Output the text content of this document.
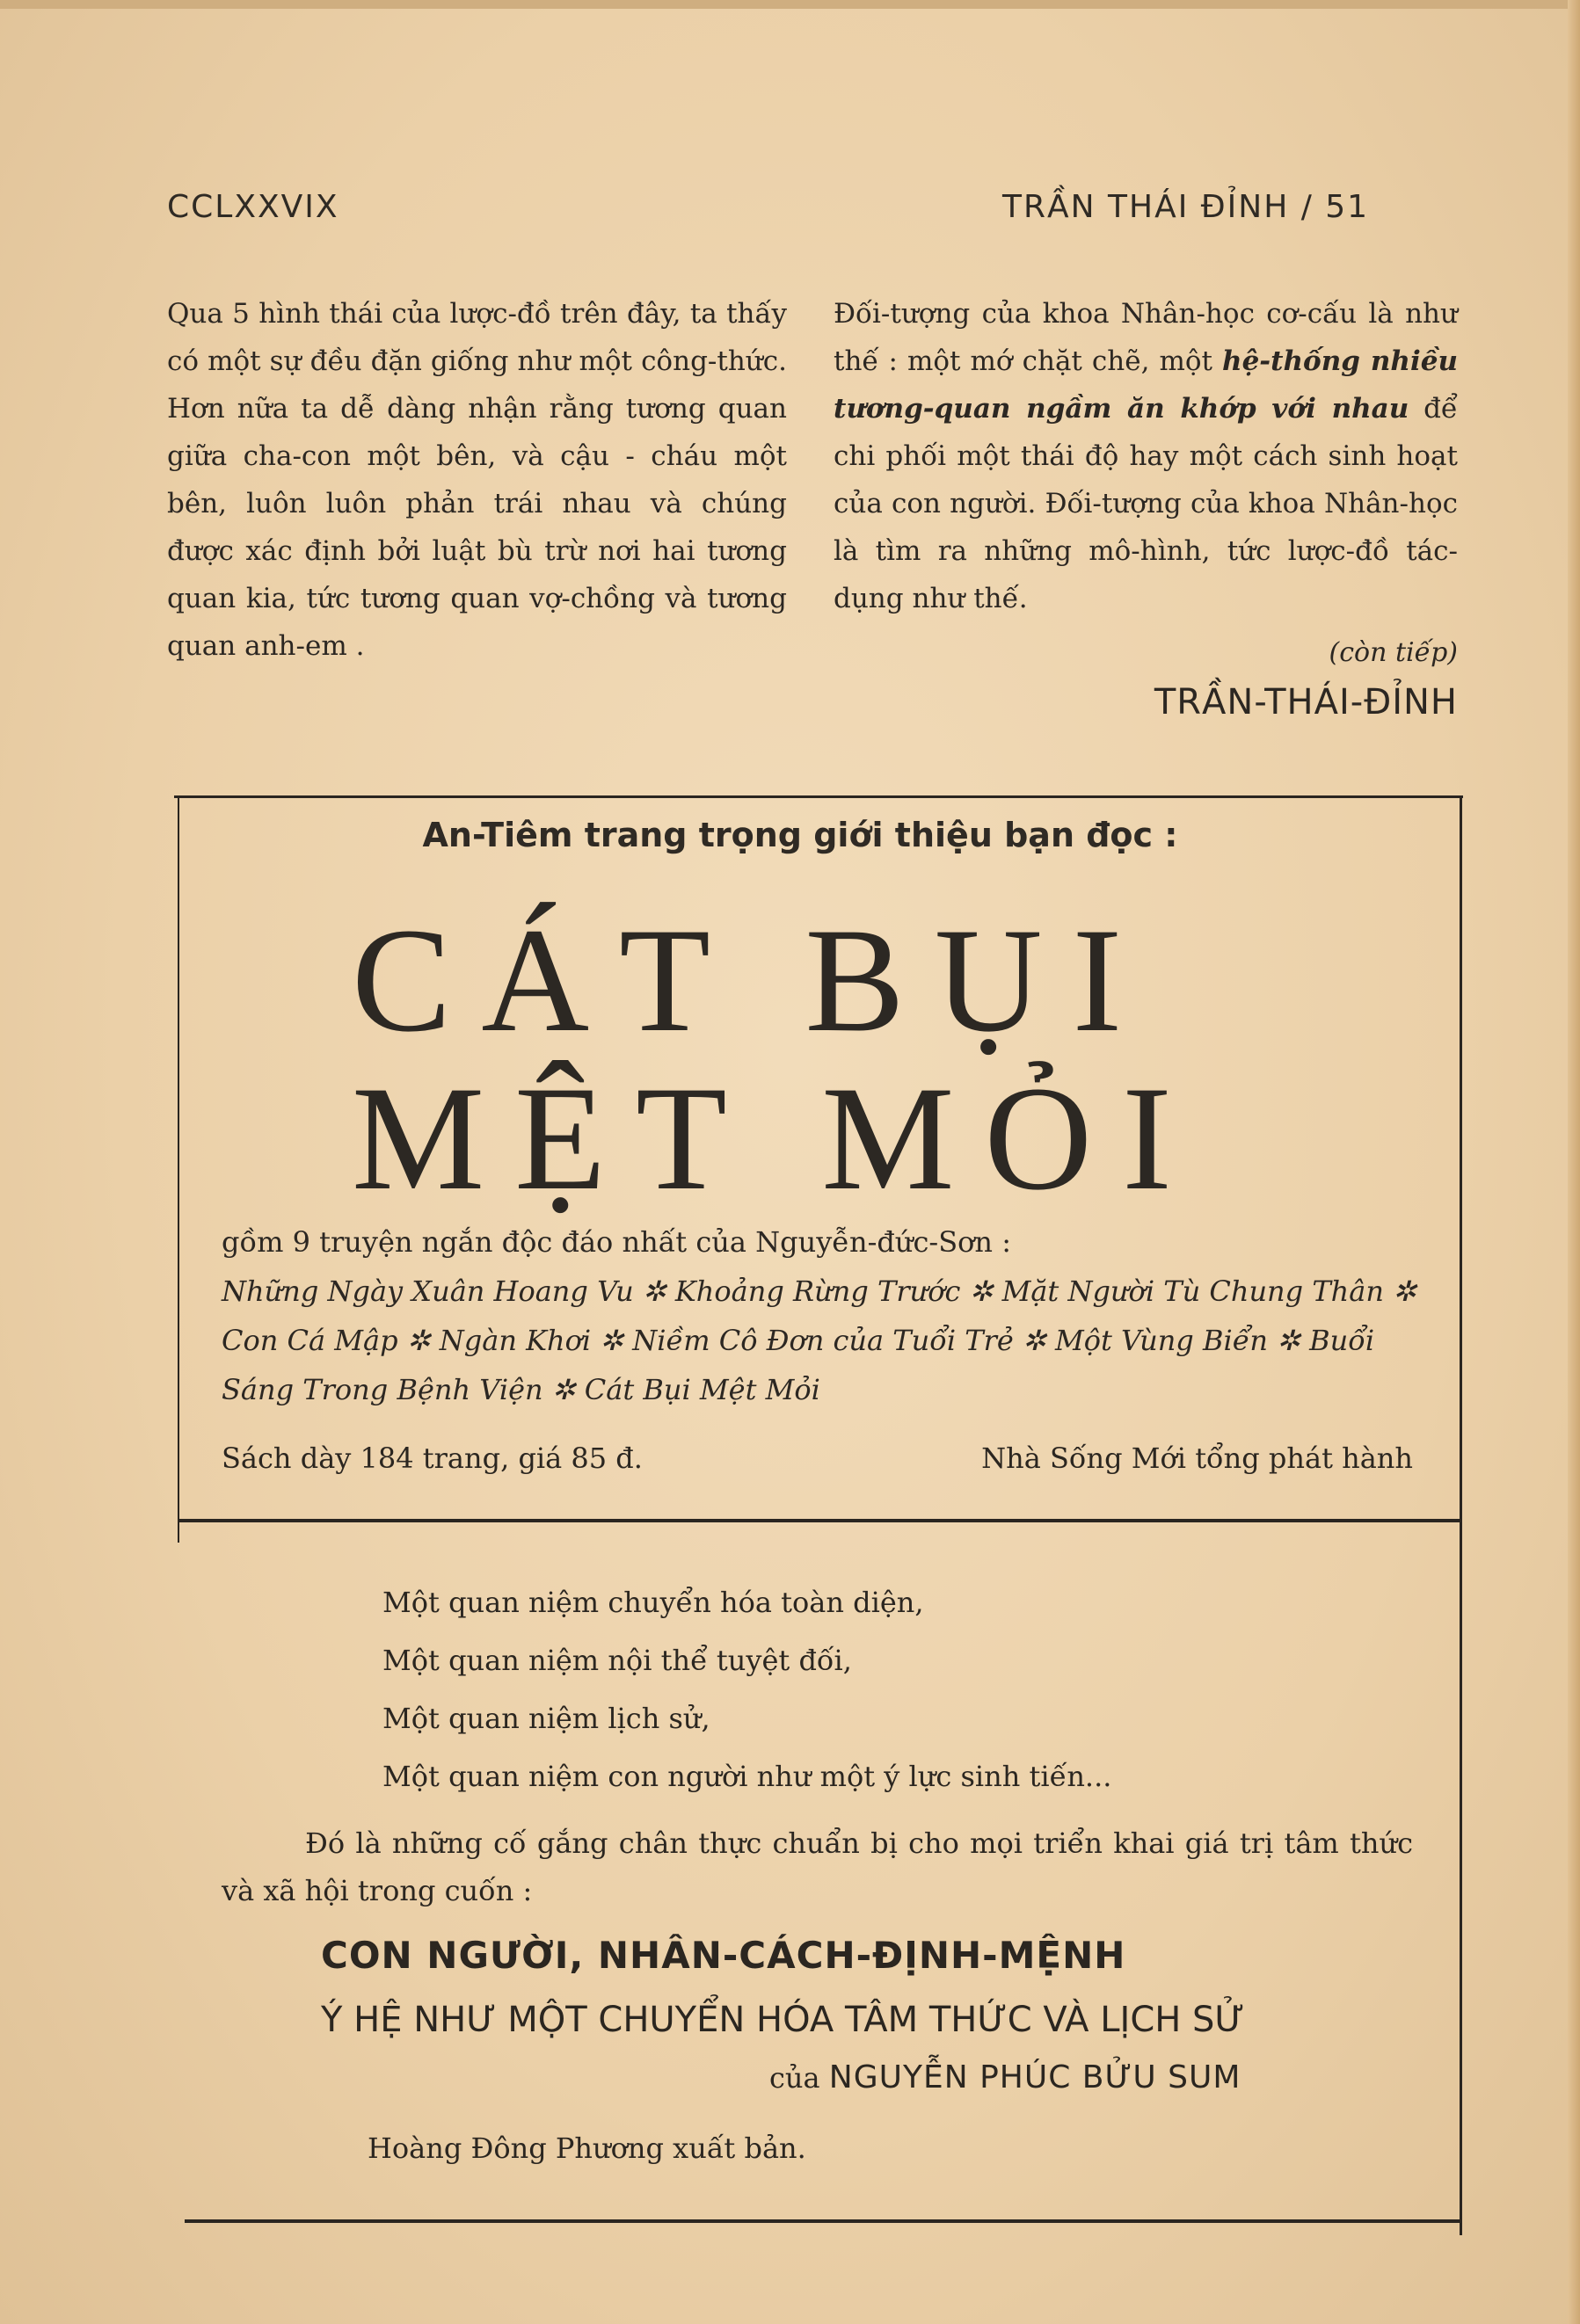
CCLXXVIX	TRẦN THÁI ĐỈNH / 51

Qua 5 hình thái của lược-đồ trên đây, ta thấy có một sự đều đặn giống như một công-thức. Hơn nữa ta dễ dàng nhận rằng tương quan giữa cha-con một bên, và cậu - cháu một bên, luôn luôn phản trái nhau và chúng được xác định bởi luật bù trừ nơi hai tương quan kia, tức tương quan vợ-chồng và tương quan anh-em .

Đối-tượng của khoa Nhân-học cơ-cấu là như thế : một mớ chặt chẽ, một hệ-thống nhiều tương-quan ngầm ăn khớp với nhau để chi phối một thái độ hay một cách sinh hoạt của con người. Đối-tượng của khoa Nhân-học là tìm ra những mô-hình, tức lược-đồ tác-dụng như thế.

(còn tiếp)
TRẦN-THÁI-ĐỈNH
An-Tiêm trang trọng giới thiệu bạn đọc :
CÁT BỤI
MỆT MỎI
gồm 9 truyện ngắn độc đáo nhất của Nguyễn-đức-Sơn :
Những Ngày Xuân Hoang Vu ✲ Khoảng Rừng Trước ✲ Mặt Người Tù Chung Thân ✲ Con Cá Mập ✲ Ngàn Khơi ✲ Niềm Cô Đơn của Tuổi Trẻ ✲ Một Vùng Biển ✲ Buổi Sáng Trong Bệnh Viện ✲ Cát Bụi Mệt Mỏi
Sách dày 184 trang, giá 85 đ.	Nhà Sống Mới tổng phát hành
Một quan niệm chuyển hóa toàn diện,
Một quan niệm nội thể tuyệt đối,
Một quan niệm lịch sử,
Một quan niệm con người như một ý lực sinh tiến...
Đó là những cố gắng chân thực chuẩn bị cho mọi triển khai giá trị tâm thức và xã hội trong cuốn :
CON NGƯỜI, NHÂN-CÁCH-ĐỊNH-MỆNH
Ý HỆ NHƯ MỘT CHUYỂN HÓA TÂM THỨC VÀ LỊCH SỬ
của NGUYỄN PHÚC BỬU SUM
Hoàng Đông Phương xuất bản.
